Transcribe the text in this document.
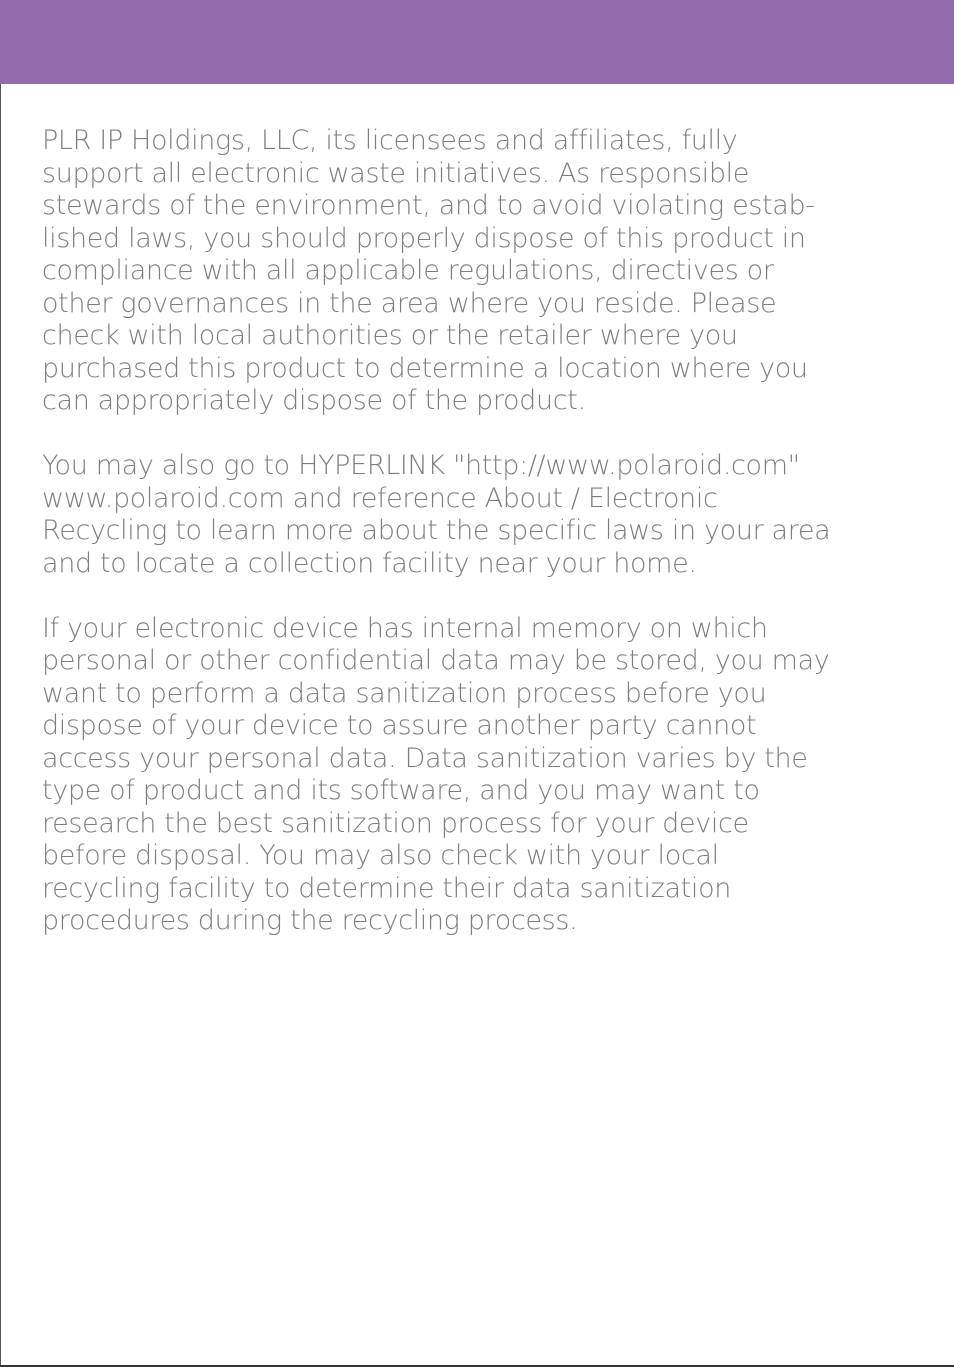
PLR IP Holdings, LLC, its licensees and affiliates, fully
support all electronic waste initiatives. As responsible
stewards of the environment, and to avoid violating estab-
lished laws, you should properly dispose of this product in
compliance with all applicable regulations, directives or
other governances in the area where you reside. Please
check with local authorities or the retailer where you
purchased this product to determine a location where you
can appropriately dispose of the product.

You may also go to HYPERLINK "http://www.polaroid.com"
www.polaroid.com and reference About / Electronic
Recycling to learn more about the specific laws in your area
and to locate a collection facility near your home.

If your electronic device has internal memory on which
personal or other confidential data may be stored, you may
want to perform a data sanitization process before you
dispose of your device to assure another party cannot
access your personal data. Data sanitization varies by the
type of product and its software, and you may want to
research the best sanitization process for your device
before disposal. You may also check with your local
recycling facility to determine their data sanitization
procedures during the recycling process.
